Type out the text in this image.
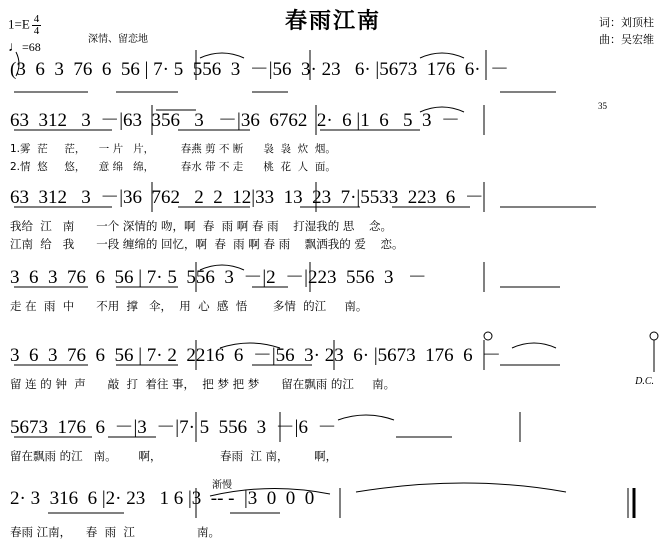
春雨江南
$1=E \frac{4}{4}$
♩=68
深情、留恋地
词：刘顶柱
曲：吴宏维
(3  6  3  76  6  56 | 7· 5  556  3  －|56  3· 23   6· |5673  176  6·  －
63  312   3  －|63  356   3   －|36  6762  2·  6 |1  6   5  3  －
1.雾  茫     茫，    一 片   片，        春燕 剪 不 断      袅  袅  炊  烟。
2.情  悠     悠，    意 绵   绵，        春水 带 不 走      桃  花  人  面。
35
63  312   3  －|36  762   2  2  12|33  13  23  7·|5533  223  6  －
我给  江   南      一个 深情的 吻，啊  春  雨 啊 春 雨    打湿我的 思    念。
江南  给   我      一段 缠绵的 回忆，啊  春  雨 啊 春 雨    飘洒我的 爱    恋。
3  6  3  76  6  56 | 7· 5  556  3  －|2  －|223  556  3   －
走 在  雨  中      不用  撑   伞，  用  心  感  悟       多情  的江     南。
3  6  3  76  6  56 | 7· 2  2216  6  －|56  3· 23  6· |5673  176  6  －
留 连 的 钟  声      敲  打  着往 事，  把 梦 把 梦      留在飘雨 的江     南。	D.C.
5673  176  6  －|3  －|7· 5  556  3  －|6  －
留在飘雨 的江   南。      啊，                春雨  江 南，       啊，
渐慢
2· 3  316  6 |2· 23   1 6 |3  -- -  |3  0  0  0
春雨 江南，    春  雨  江                 南。
